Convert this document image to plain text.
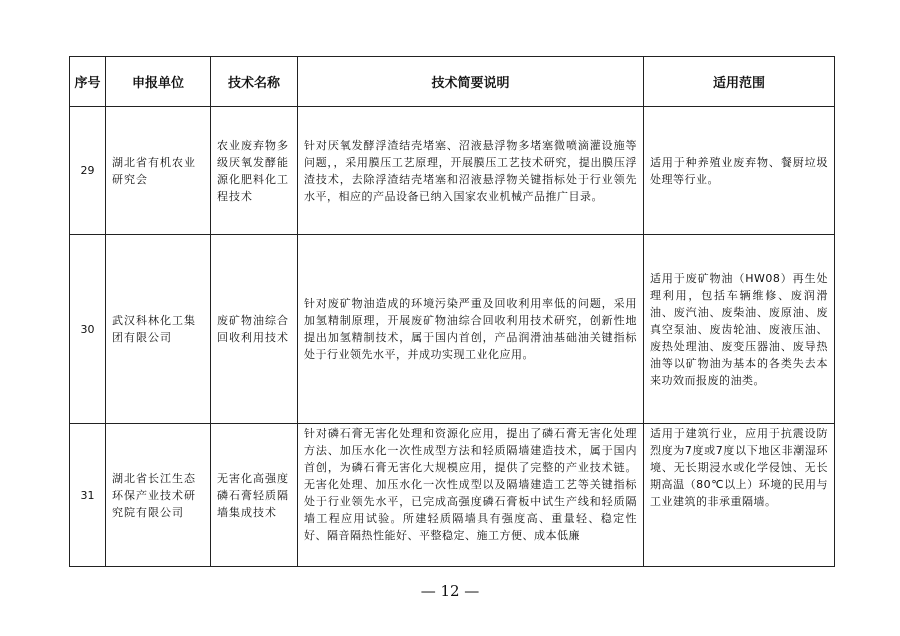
序号	申报单位	技术名称	技术简要说明	适用范围
29	湖北省有机农业研究会	农业废弃物多级厌氧发酵能源化肥料化工程技术	针对厌氧发酵浮渣结壳堵塞、沼液悬浮物多堵塞微喷滴灌设施等问题，，采用膜压工艺原理，开展膜压工艺技术研究，提出膜压浮渣技术，去除浮渣结壳堵塞和沼液悬浮物关键指标处于行业领先水平，相应的产品设备已纳入国家农业机械产品推广目录。	适用于种养殖业废弃物、餐厨垃圾处理等行业。
30	武汉科林化工集团有限公司	废矿物油综合回收利用技术	针对废矿物油造成的环境污染严重及回收利用率低的问题，采用加氢精制原理，开展废矿物油综合回收利用技术研究，创新性地提出加氢精制技术，属于国内首创，产品润滑油基础油关键指标处于行业领先水平，并成功实现工业化应用。	适用于废矿物油（HW08）再生处理利用，包括车辆维修、废润滑油、废汽油、废柴油、废原油、废真空泵油、废齿轮油、废液压油、废热处理油、废变压器油、废导热油等以矿物油为基本的各类失去本来功效而报废的油类。
31	湖北省长江生态环保产业技术研究院有限公司	无害化高强度磷石膏轻质隔墙集成技术	针对磷石膏无害化处理和资源化应用，提出了磷石膏无害化处理方法、加压水化一次性成型方法和轻质隔墙建造技术，属于国内首创，为磷石膏无害化大规模应用，提供了完整的产业技术链。无害化处理、加压水化一次性成型以及隔墙建造工艺等关键指标处于行业领先水平，已完成高强度磷石膏板中试生产线和轻质隔墙工程应用试验。所建轻质隔墙具有强度高、重量轻、稳定性好、隔音隔热性能好、平整稳定、施工方便、成本低廉	适用于建筑行业，应用于抗震设防烈度为7度或7度以下地区非潮湿环境、无长期浸水或化学侵蚀、无长期高温（80℃以上）环境的民用与工业建筑的非承重隔墙。
— 12 —
